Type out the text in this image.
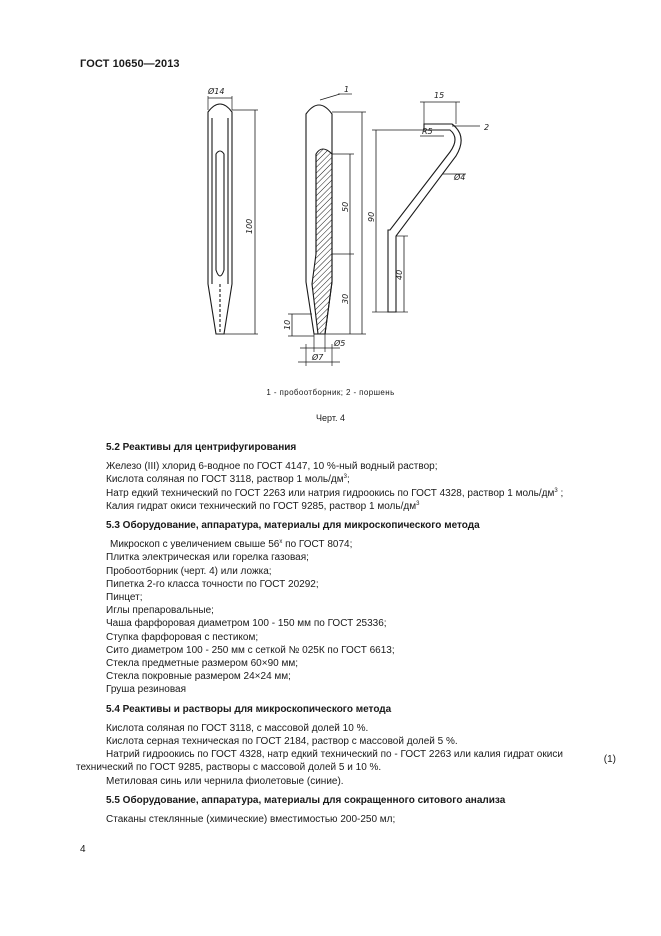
ГОСТ 10650—2013
Ø14
100
1
50
30
10
Ø5
Ø7
15
2
R5
Ø4
90
40
1 - пробоотборник; 2 - поршень
Черт. 4

5.2 Реактивы для центрифугирования

Железо (III) хлорид 6-водное по ГОСТ 4147, 10 %-ный водный раствор;
Кислота соляная по ГОСТ 3118, раствор 1 моль/$дм^3$;
Натр едкий технический по ГОСТ 2263 или натрия гидроокись по ГОСТ 4328, раствор 1 моль/$дм^3$ ;
Калия гидрат окиси технический по ГОСТ 9285, раствор 1 моль/$дм^3$

5.3 Оборудование, аппаратура, материалы для микроскопического метода

Микроскоп с увеличением свыше $56^х$ по ГОСТ 8074;
Плитка электрическая или горелка газовая;
Пробоотборник (черт. 4) или ложка;
Пипетка 2-го класса точности по ГОСТ 20292;
Пинцет;
Иглы препаровальные;
Чаша фарфоровая диаметром 100 - 150 мм по ГОСТ 25336;
Ступка фарфоровая с пестиком;
Сито диаметром 100 - 250 мм с сеткой № 025К по ГОСТ 6613;
Стекла предметные размером 60×90 мм;
Стекла покровные размером 24×24 мм;
Груша резиновая

5.4 Реактивы и растворы для микроскопического метода

Кислота соляная по ГОСТ 3118, с массовой долей 10 %.
Кислота серная техническая по ГОСТ 2184, раствор с массовой долей 5 %.
Натрий гидроокись по ГОСТ 4328, натр едкий технический по - ГОСТ 2263 или калия гидрат окиси
технический по ГОСТ 9285, растворы с массовой долей 5 и 10 %.
(1)
Метиловая синь или чернила фиолетовые (синие).

5.5 Оборудование, аппаратура, материалы для сокращенного ситового анализа

Стаканы стеклянные (химические) вместимостью 200-250 мл;
4
